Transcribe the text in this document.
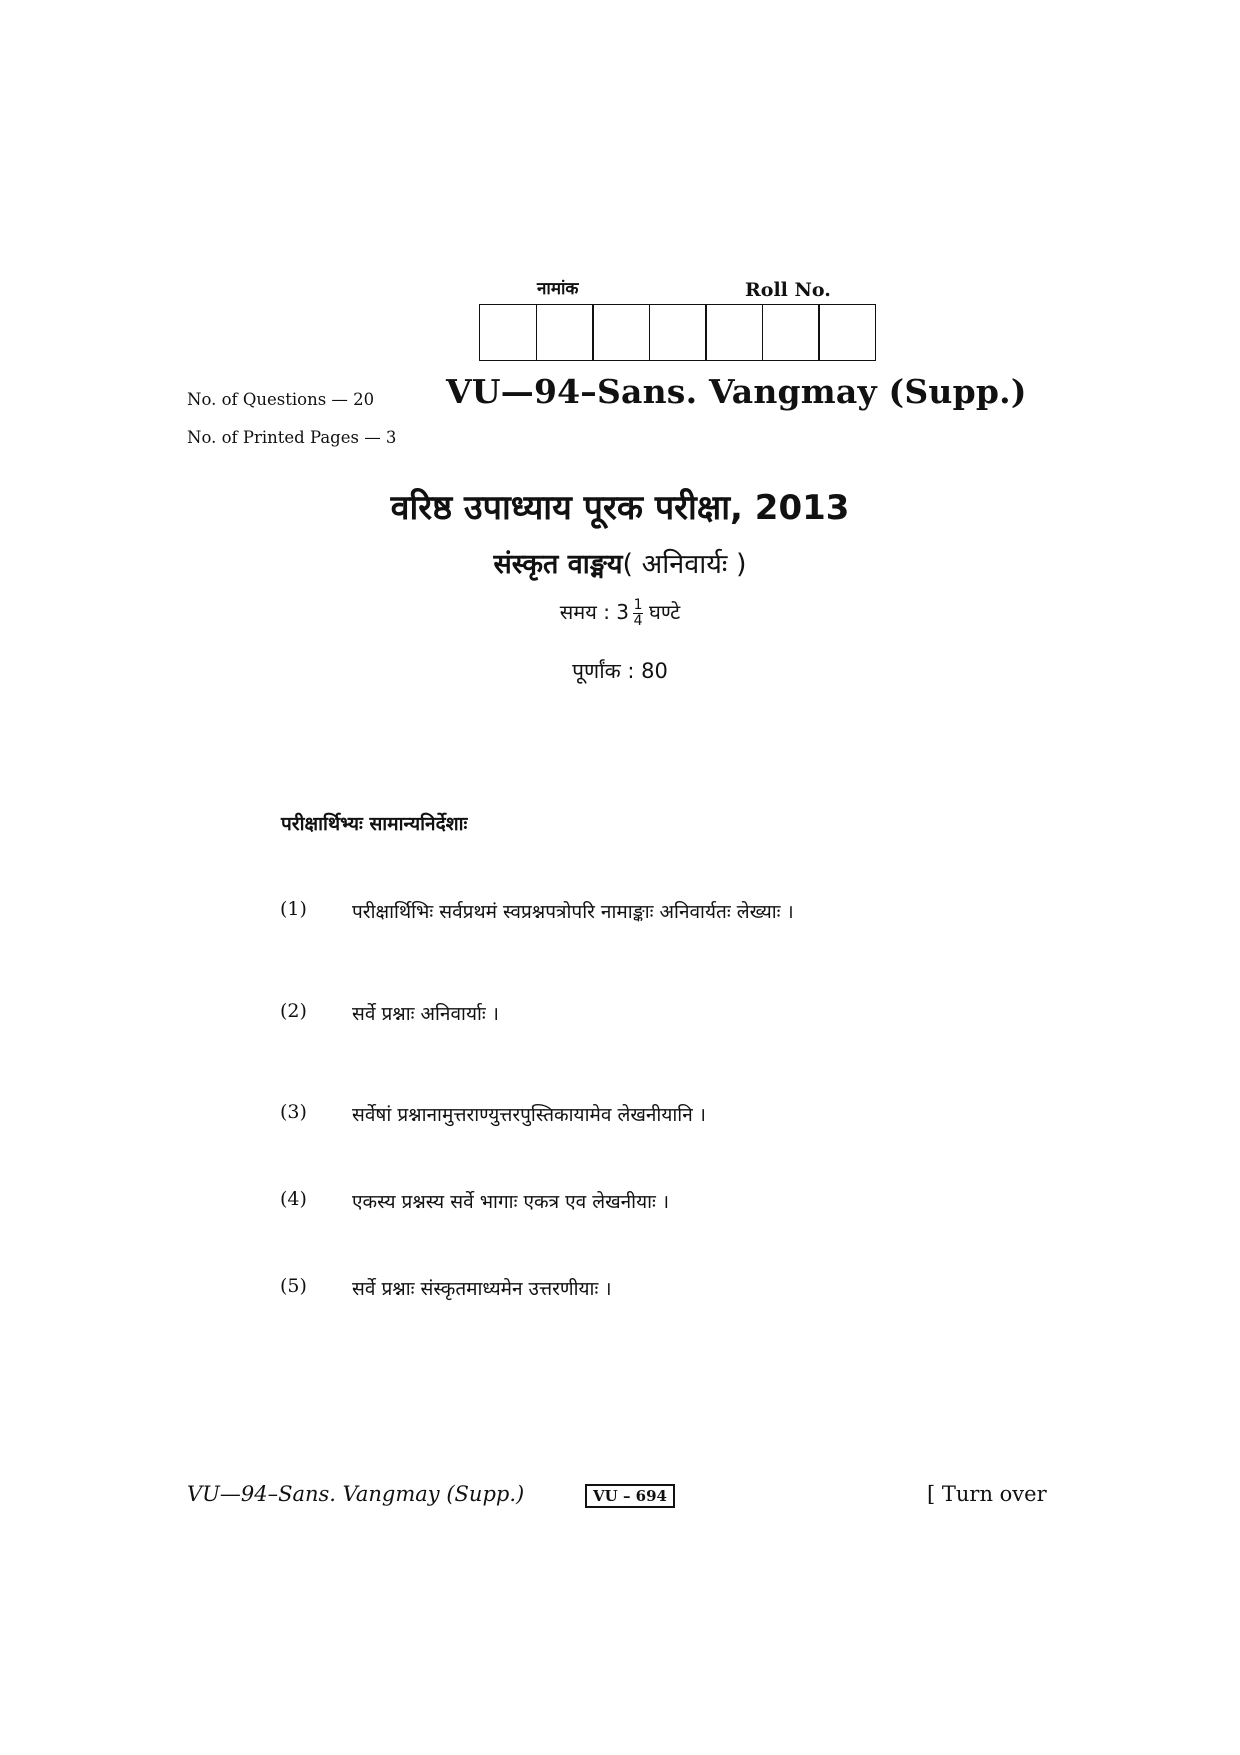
नामांक	Roll No.
No. of Questions — 20
No. of Printed Pages — 3
VU—94–Sans. Vangmay (Supp.)
वरिष्ठ उपाध्याय पूरक परीक्षा, 2013
संस्कृत वाङ्मय( अनिवार्यः )
समय : $3 \frac{1}{4}$ घण्टे
पूर्णांक : 80
परीक्षार्थिभ्यः सामान्यनिर्देशाः
(1) परीक्षार्थिभिः सर्वप्रथमं स्वप्रश्नपत्रोपरि नामाङ्काः अनिवार्यतः लेख्याः ।
(2) सर्वे प्रश्नाः अनिवार्याः ।
(3) सर्वेषां प्रश्नानामुत्तराण्युत्तरपुस्तिकायामेव लेखनीयानि ।
(4) एकस्य प्रश्नस्य सर्वे भागाः एकत्र एव लेखनीयाः ।
(5) सर्वे प्रश्नाः संस्कृतमाध्यमेन उत्तरणीयाः ।
VU—94–Sans. Vangmay (Supp.)	VU – 694	[ Turn over
